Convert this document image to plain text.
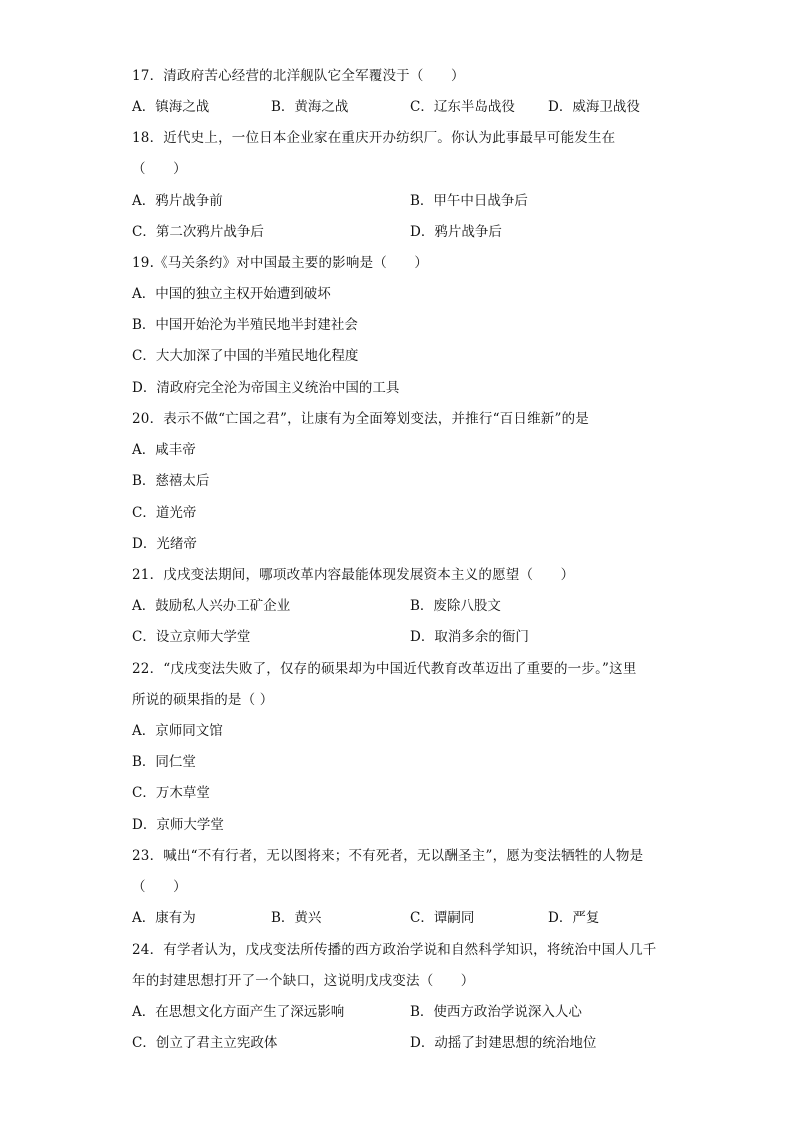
17．清政府苦心经营的北洋舰队它全军覆没于（　　）
A．镇海之战	B．黄海之战	C．辽东半岛战役 D．威海卫战役
18．近代史上，一位日本企业家在重庆开办纺织厂。你认为此事最早可能发生在
（　　）
A．鸦片战争前	B．甲午中日战争后
C．第二次鸦片战争后	D．鸦片战争后
19.《马关条约》对中国最主要的影响是（　　）
A．中国的独立主权开始遭到破坏
B．中国开始沦为半殖民地半封建社会
C．大大加深了中国的半殖民地化程度
D．清政府完全沦为帝国主义统治中国的工具
20．表示不做“亡国之君”，让康有为全面筹划变法，并推行“百日维新”的是
A．咸丰帝
B．慈禧太后
C．道光帝
D．光绪帝
21．戊戌变法期间，哪项改革内容最能体现发展资本主义的愿望（　　）
A．鼓励私人兴办工矿企业	B．废除八股文
C．设立京师大学堂	D．取消多余的衙门
22．“戊戌变法失败了，仅存的硕果却为中国近代教育改革迈出了重要的一步。”这里
所说的硕果指的是（ ）
A．京师同文馆
B．同仁堂
C．万木草堂
D．京师大学堂
23．喊出“不有行者，无以图将来；不有死者，无以酬圣主”，愿为变法牺牲的人物是
（　　）
A．康有为	B．黄兴	C．谭嗣同	D．严复
24．有学者认为，戊戌变法所传播的西方政治学说和自然科学知识，将统治中国人几千
年的封建思想打开了一个缺口，这说明戊戌变法（　　）
A．在思想文化方面产生了深远影响	B．使西方政治学说深入人心
C．创立了君主立宪政体	D．动摇了封建思想的统治地位
